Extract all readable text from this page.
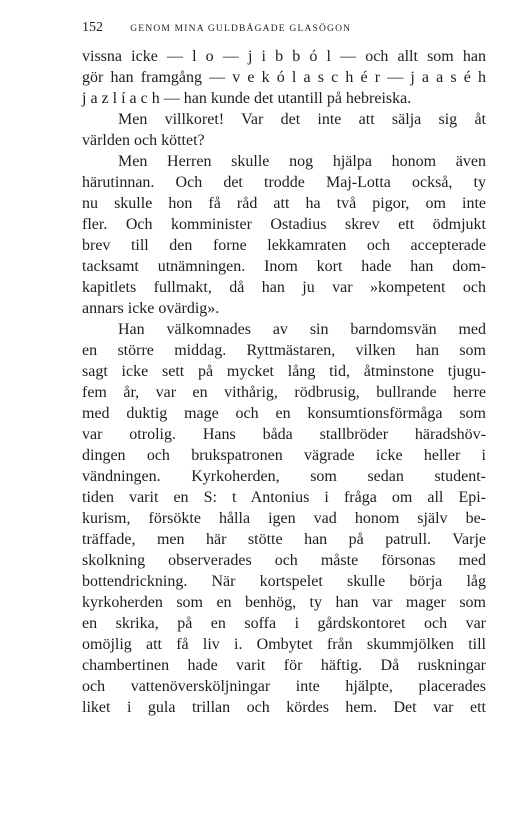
152	GENOM MINA GULDBÅGADE GLASÖGON
vissna icke — l o — j i b b ó l — och allt som han
gör han framgång — v e k ó l a s c h é r — j a a s é h
j a z l í a c h — han kunde det utantill på hebreiska.
Men villkoret! Var det inte att sälja sig åt
världen och köttet?
Men Herren skulle nog hjälpa honom även
härutinnan. Och det trodde Maj-Lotta också, ty
nu skulle hon få råd att ha två pigor, om inte
fler. Och komminister Ostadius skrev ett ödmjukt
brev till den forne lekkamraten och accepterade
tacksamt utnämningen. Inom kort hade han dom-
kapitlets fullmakt, då han ju var »kompetent och
annars icke ovärdig».
Han välkomnades av sin barndomsvän med
en större middag. Ryttmästaren, vilken han som
sagt icke sett på mycket lång tid, åtminstone tjugu-
fem år, var en vithårig, rödbrusig, bullrande herre
med duktig mage och en konsumtionsförmåga som
var otrolig. Hans båda stallbröder häradshöv-
dingen och brukspatronen vägrade icke heller i
vändningen. Kyrkoherden, som sedan student-
tiden varit en S: t Antonius i fråga om all Epi-
kurism, försökte hålla igen vad honom själv be-
träffade, men här stötte han på patrull. Varje
skolkning observerades och måste försonas med
bottendrickning. När kortspelet skulle börja låg
kyrkoherden som en benhög, ty han var mager som
en skrika, på en soffa i gårdskontoret och var
omöjlig att få liv i. Ombytet från skummjölken till
chambertinen hade varit för häftig. Då ruskningar
och vattenöversköljningar inte hjälpte, placerades
liket i gula trillan och kördes hem. Det var ett
